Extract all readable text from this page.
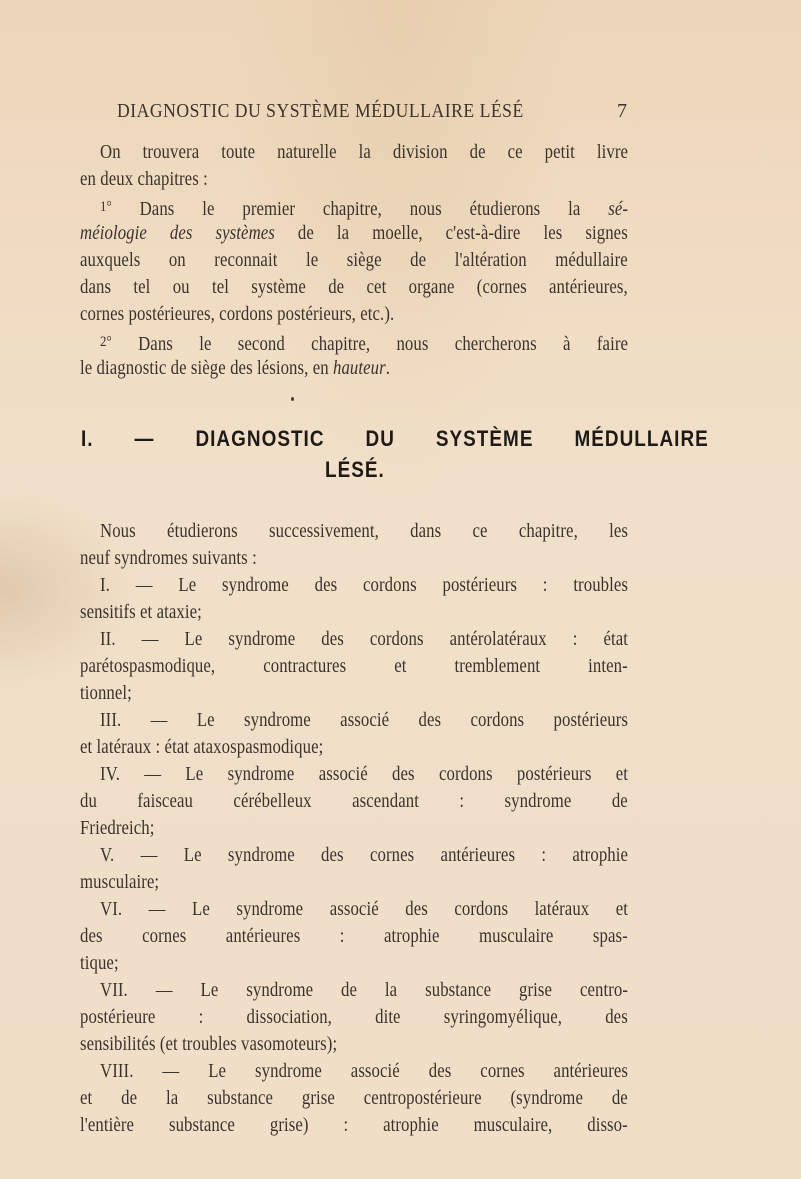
DIAGNOSTIC DU SYSTÈME MÉDULLAIRE LÉSÉ	7
On trouvera toute naturelle la division de ce petit livre
en deux chapitres :
$^{1^\circ}$ Dans le premier chapitre, nous étudierons la sé-
méiologie des systèmes de la moelle, c'est-à-dire les signes
auxquels on reconnait le siège de l'altération médullaire
dans tel ou tel système de cet organe (cornes antérieures,
cornes postérieures, cordons postérieurs, etc.).
$^{2^\circ}$ Dans le second chapitre, nous chercherons à faire
le diagnostic de siège des lésions, en hauteur.
I. — DIAGNOSTIC DU SYSTÈME MÉDULLAIRE
LÉSÉ.
Nous étudierons successivement, dans ce chapitre, les
neuf syndromes suivants :
I. — Le syndrome des cordons postérieurs : troubles
sensitifs et ataxie;
II. — Le syndrome des cordons antérolatéraux : état
parétospasmodique, contractures et tremblement inten-
tionnel;
III. — Le syndrome associé des cordons postérieurs
et latéraux : état ataxospasmodique;
IV. — Le syndrome associé des cordons postérieurs et
du faisceau cérébelleux ascendant : syndrome de
Friedreich;
V. — Le syndrome des cornes antérieures : atrophie
musculaire;
VI. — Le syndrome associé des cordons latéraux et
des cornes antérieures : atrophie musculaire spas-
tique;
VII. — Le syndrome de la substance grise centro-
postérieure : dissociation, dite syringomyélique, des
sensibilités (et troubles vasomoteurs);
VIII. — Le syndrome associé des cornes antérieures
et de la substance grise centropostérieure (syndrome de
l'entière substance grise) : atrophie musculaire, disso-
